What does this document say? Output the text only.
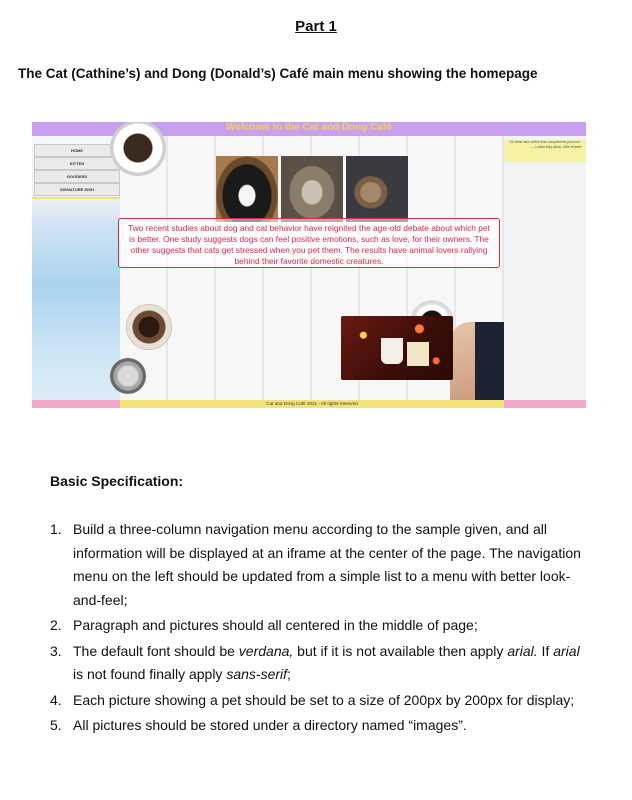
Part 1
The Cat (Cathine’s) and Dong (Donald’s) Café main menu showing the homepage
Welcome to the Cat and Dong Café
HOME
KITTEN
GOODESS
SIGNATURE DISH
“I'd rather take coffee than compliments just now.”
— Louisa May Alcott, Little Women
Two recent studies about dog and cat behavior have reignited the age-old debate about which pet is better. One study suggests dogs can feel positive emotions, such as love, for their owners. The other suggests that cats get stressed when you pet them. The results have animal lovers rallying behind their favorite domestic creatures.
Cat and Dong Café 2021 - All rights reserved
Basic Specification:
1. Build a three-column navigation menu according to the sample given, and all information will be displayed at an iframe at the center of the page. The navigation menu on the left should be updated from a simple list to a menu with better look-and-feel;
2. Paragraph and pictures should all centered in the middle of page;
3. The default font should be verdana, but if it is not available then apply arial. If arial is not found finally apply sans-serif;
4. Each picture showing a pet should be set to a size of 200px by 200px for display;
5. All pictures should be stored under a directory named “images”.
